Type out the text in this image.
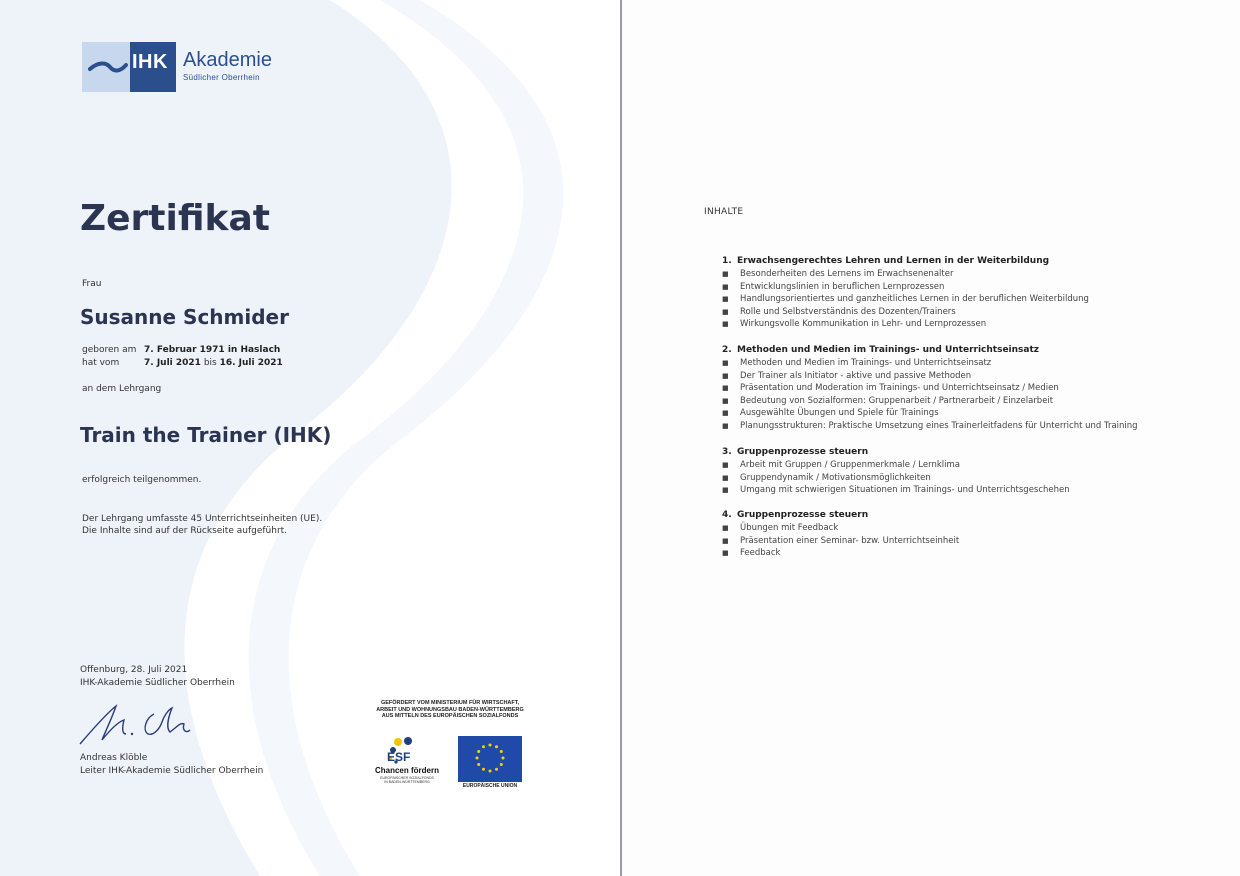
IHK Akademie
Südlicher Oberrhein
Zertifikat
Frau
Susanne Schmider
geboren am 7. Februar 1971 in Haslach
hat vom	7. Juli 2021 bis 16. Juli 2021
an dem Lehrgang
Train the Trainer (IHK)
erfolgreich teilgenommen.
Der Lehrgang umfasste 45 Unterrichtseinheiten (UE).
Die Inhalte sind auf der Rückseite aufgeführt.
Offenburg, 28. Juli 2021
IHK-Akademie Südlicher Oberrhein
Andreas Klöble
Leiter IHK-Akademie Südlicher Oberrhein
GEFÖRDERT VOM MINISTERIUM FÜR WIRTSCHAFT,
ARBEIT UND WOHNUNGSBAU BADEN-WÜRTTEMBERG
AUS MITTELN DES EUROPÄISCHEN SOZIALFONDS
ESF
Chancen fördern
EUROPÄISCHER SOZIALFONDS
IN BADEN-WÜRTTEMBERG
EUROPÄISCHE UNION
INHALTE
1. Erwachsengerechtes Lehren und Lernen in der Weiterbildung
■ Besonderheiten des Lernens im Erwachsenenalter
■ Entwicklungslinien in beruflichen Lernprozessen
■ Handlungsorientiertes und ganzheitliches Lernen in der beruflichen Weiterbildung
■ Rolle und Selbstverständnis des Dozenten/Trainers
■ Wirkungsvolle Kommunikation in Lehr- und Lernprozessen
2. Methoden und Medien im Trainings- und Unterrichtseinsatz
■ Methoden und Medien im Trainings- und Unterrichtseinsatz
■ Der Trainer als Initiator - aktive und passive Methoden
■ Präsentation und Moderation im Trainings- und Unterrichtseinsatz / Medien
■ Bedeutung von Sozialformen: Gruppenarbeit / Partnerarbeit / Einzelarbeit
■ Ausgewählte Übungen und Spiele für Trainings
■ Planungsstrukturen: Praktische Umsetzung eines Trainerleitfadens für Unterricht und Training
3. Gruppenprozesse steuern
■ Arbeit mit Gruppen / Gruppenmerkmale / Lernklima
■ Gruppendynamik / Motivationsmöglichkeiten
■ Umgang mit schwierigen Situationen im Trainings- und Unterrichtsgeschehen
4. Gruppenprozesse steuern
■ Übungen mit Feedback
■ Präsentation einer Seminar- bzw. Unterrichtseinheit
■ Feedback
